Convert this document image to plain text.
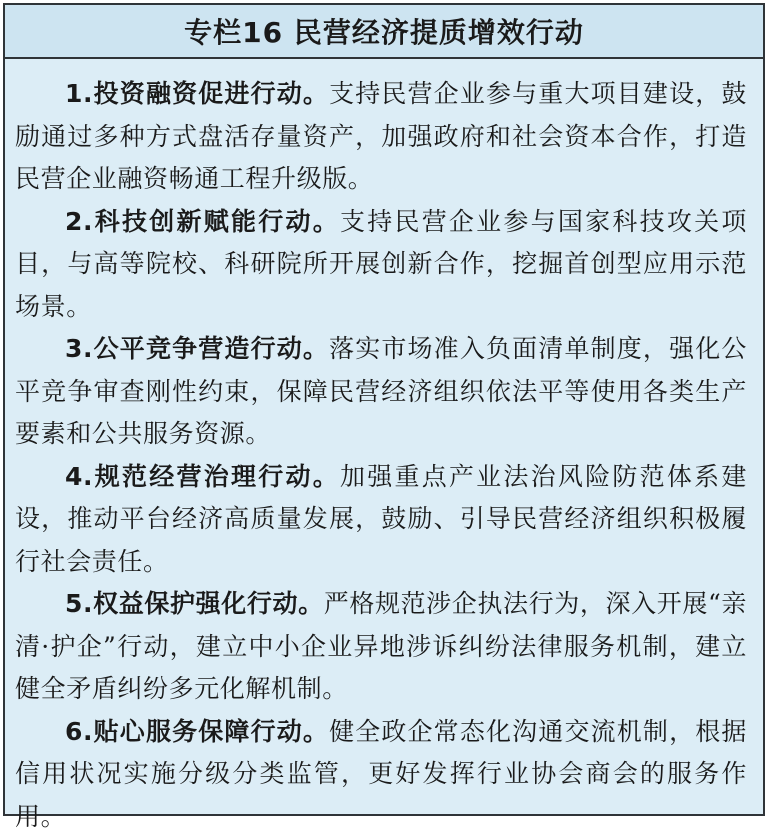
专栏16 民营经济提质增效行动

1.投资融资促进行动。支持民营企业参与重大项目建设，鼓励通过多种方式盘活存量资产，加强政府和社会资本合作，打造民营企业融资畅通工程升级版。

2.科技创新赋能行动。支持民营企业参与国家科技攻关项目，与高等院校、科研院所开展创新合作，挖掘首创型应用示范场景。

3.公平竞争营造行动。落实市场准入负面清单制度，强化公平竞争审查刚性约束，保障民营经济组织依法平等使用各类生产要素和公共服务资源。

4.规范经营治理行动。加强重点产业法治风险防范体系建设，推动平台经济高质量发展，鼓励、引导民营经济组织积极履行社会责任。

5.权益保护强化行动。严格规范涉企执法行为，深入开展“亲清·护企”行动，建立中小企业异地涉诉纠纷法律服务机制，建立健全矛盾纠纷多元化解机制。

6.贴心服务保障行动。健全政企常态化沟通交流机制，根据信用状况实施分级分类监管，更好发挥行业协会商会的服务作用。
